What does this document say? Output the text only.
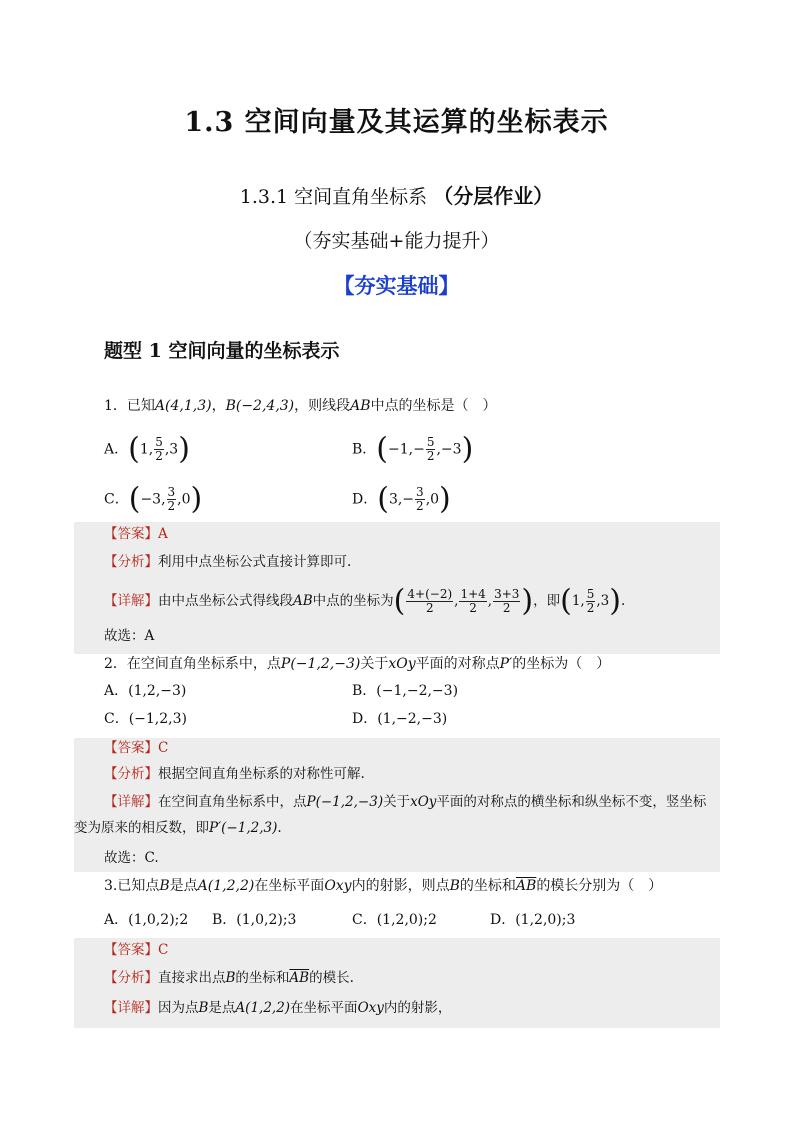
1.3 空间向量及其运算的坐标表示
1.3.1 空间直角坐标系 （分层作业）
（夯实基础+能力提升）
【夯实基础】
题型 1 空间向量的坐标表示
1．已知A(4,1,3)，B(−2,4,3)，则线段AB中点的坐标是（　）
A．(1, $\frac{5}{2} ,3$)	B．$(-1,- \frac{5}{2} ,-3)$
C．(−3, $\frac{3}{2} ,0$)	D．$(3,- \frac{3}{2} ,0)$
【答案】A
【分析】利用中点坐标公式直接计算即可.
【详解】由中点坐标公式得线段AB中点的坐标为( $\frac{4+(-2)}{2}$ , $\frac{1+4}{2}$ , $\frac{3+3}{2}$ )，即(1, $\frac{5}{2} ,3$).
故选：A
2．在空间直角坐标系中，点P(−1,2,−3)关于xOy平面的对称点P′的坐标为（　）
A．(1,2,−3)	B．(−1,−2,−3)
C．(−1,2,3)	D．(1,−2,−3)
【答案】C
【分析】根据空间直角坐标系的对称性可解.
【详解】在空间直角坐标系中，点P(−1,2,−3)关于xOy平面的对称点的横坐标和纵坐标不变，竖坐标
变为原来的相反数，即P′(−1,2,3).
故选：C.
3.已知点B是点A(1,2,2)在坐标平面Oxy内的射影，则点B的坐标和$\overline{AB}$的模长分别为（　）
A．(1,0,2);2 B．(1,0,2);3	C．(1,2,0);2	D．(1,2,0);3
【答案】C
【分析】直接求出点B的坐标和$\overline{AB}$的模长.
【详解】因为点B是点A(1,2,2)在坐标平面Oxy内的射影，
